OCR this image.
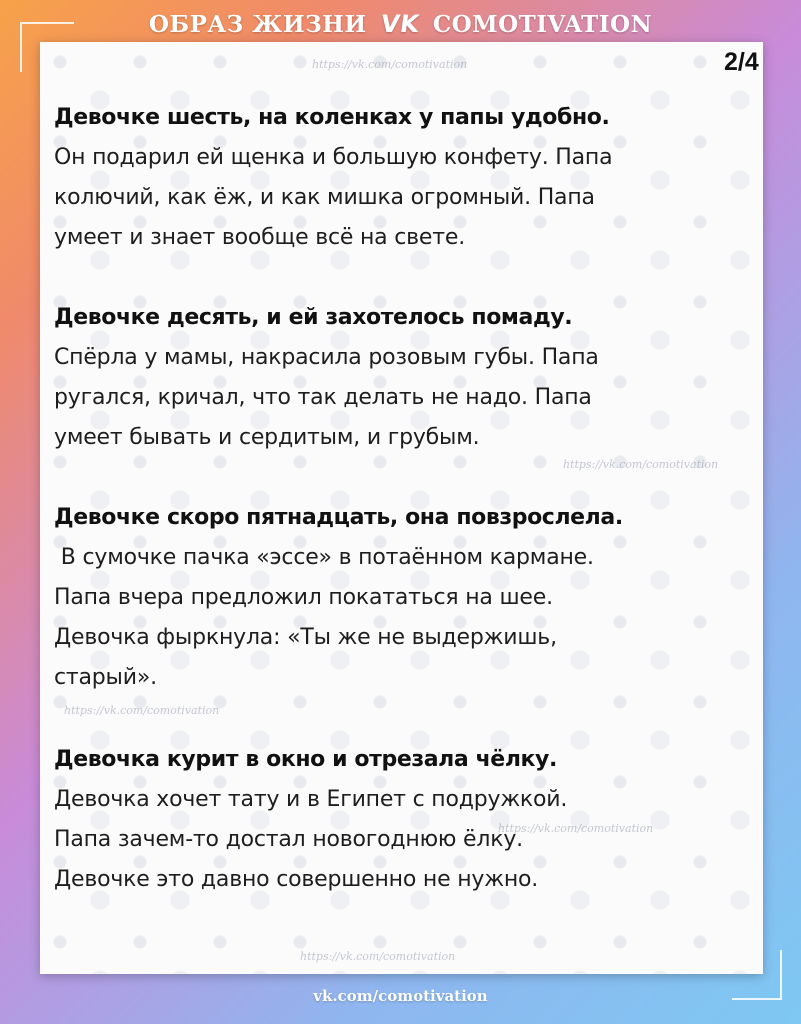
ОБРАЗ ЖИЗНИ VK COMOTIVATION
https://vk.com/comotivation
https://vk.com/comotivation
https://vk.com/comotivation
https://vk.com/comotivation
https://vk.com/comotivation
2/4
Девочке шесть, на коленках у папы удобно.
Он подарил ей щенка и большую конфету. Папа
колючий, как ёж, и как мишка огромный. Папа
умеет и знает вообще всё на свете.
Девочке десять, и ей захотелось помаду.
Спёрла у мамы, накрасила розовым губы. Папа
ругался, кричал, что так делать не надо. Папа
умеет бывать и сердитым, и грубым.
Девочке скоро пятнадцать, она повзрослела.
В сумочке пачка «эссе» в потаённом кармане.
Папа вчера предложил покататься на шее.
Девочка фыркнула: «Ты же не выдержишь,
старый».
Девочка курит в окно и отрезала чёлку.
Девочка хочет тату и в Египет с подружкой.
Папа зачем-то достал новогоднюю ёлку.
Девочке это давно совершенно не нужно.
vk.com/comotivation
